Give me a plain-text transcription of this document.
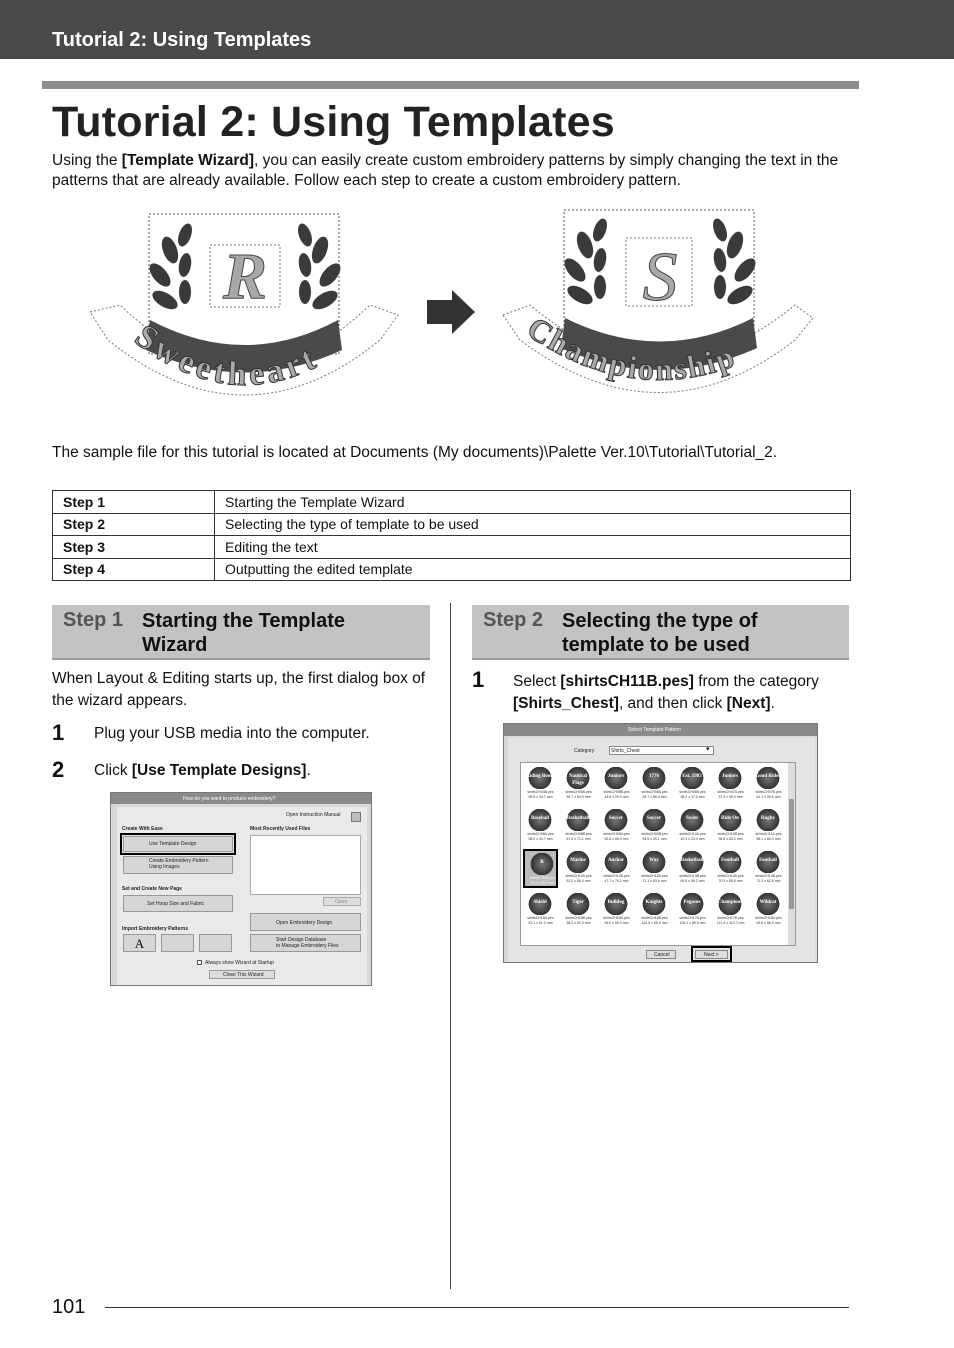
Tutorial 2: Using Templates
Tutorial 2: Using Templates

Using the [Template Wizard], you can easily create custom embroidery patterns by simply changing the text in the patterns that are already available. Follow each step to create a custom embroidery pattern.

R
Sweetheart
S
Championship

The sample file for this tutorial is located at Documents (My documents)\Palette Ver.10\Tutorial\Tutorial_2.

Step 1	Starting the Template Wizard
Step 2	Selecting the type of template to be used
Step 3	Editing the text
Step 4	Outputting the edited template
Step 1 Starting the Template
Wizard

When Layout & Editing starts up, the first dialog box of the wizard appears.

1 Plug your USB media into the computer.

2 Click [Use Template Designs].

How do you want to produce embroidery?
Open Instruction Manual
Create With Ease
Use Template Design
Create Embroidery Pattern
Using Images
Most Recently Used Files
Open
Set and Create New Page
Set Hoop Size and Fabric
Open Embroidery Design
Import Embroidery Patterns
A	Start Design Database
to Manage Embroidery Files
Always show Wizard at Startup
Close This Wizard
Step 2 Selecting the type of
template to be used
1 Select [shirtsCH11B.pes] from the category [Shirts_Chest], and then click [Next].

Select Template Pattern
Category	Shirts_Chest	▾
Riding Boots
shirtsCH04B.pes
99.5 x 34.7 mm
Nautical Flags
shirtsCH05A.pes
59.7 x 64.0 mm
Juniors
shirtsCH05B.pes
44.6 x 29.0 mm
1776
shirtsCH06A.pes
53.7 x 66.4 mm
Est. 1983
shirtsCH06B.pes
38.2 x 37.0 mm
Juniors
shirtsCH07A.pes
37.9 x 58.3 mm
Good Rider
shirtsCH07B.pes
61.1 x 26.5 mm
Baseball
shirtsCH08A.pes
55.0 x 43.7 mm
Basketball
shirtsCH08B.pes
67.0 x 71.1 mm
Soccer
shirtsCH09A.pes
52.8 x 65.4 mm
Soccer
shirtsCH09B.pes
54.5 x 25.1 mm
Swim
shirtsCH10A.pes
42.3 x 23.4 mm
Ride On
shirtsCH10B.pes
35.8 x 63.2 mm
Rugby
shirtsCH11A.pes
55.1 x 60.0 mm
R
shirtsCH11B.pes
75.9 x 85.2 mm
Marine
shirtsCH12A.pes
61.0 x 66.4 mm
Anchor
shirtsCH12B.pes
47.7 x 79.2 mm
Way
shirtsCH13A.pes
71.1 x 63.6 mm
Basketball
shirtsCH13B.pes
69.5 x 58.2 mm
Football
shirtsCH14A.pes
70.3 x 65.5 mm
Football
shirtsCH14B.pes
71.3 x 62.8 mm
Shield
shirtsCH15A.pes
51.1 x 61.3 mm
Tiger
shirtsCH15B.pes
68.2 x 62.3 mm
Bulldog
shirtsCH16A.pes
59.0 x 59.0 mm
Knights
shirtsCH16B.pes
104.5 x 55.6 mm
Pegasus
shirtsCH17A.pes
106.1 x 85.6 mm
Champions
shirtsCH17B.pes
121.4 x 113.7 mm
Wildcat
shirtsCH18A.pes
63.6 x 85.5 mm
Cancel	Next >
101
